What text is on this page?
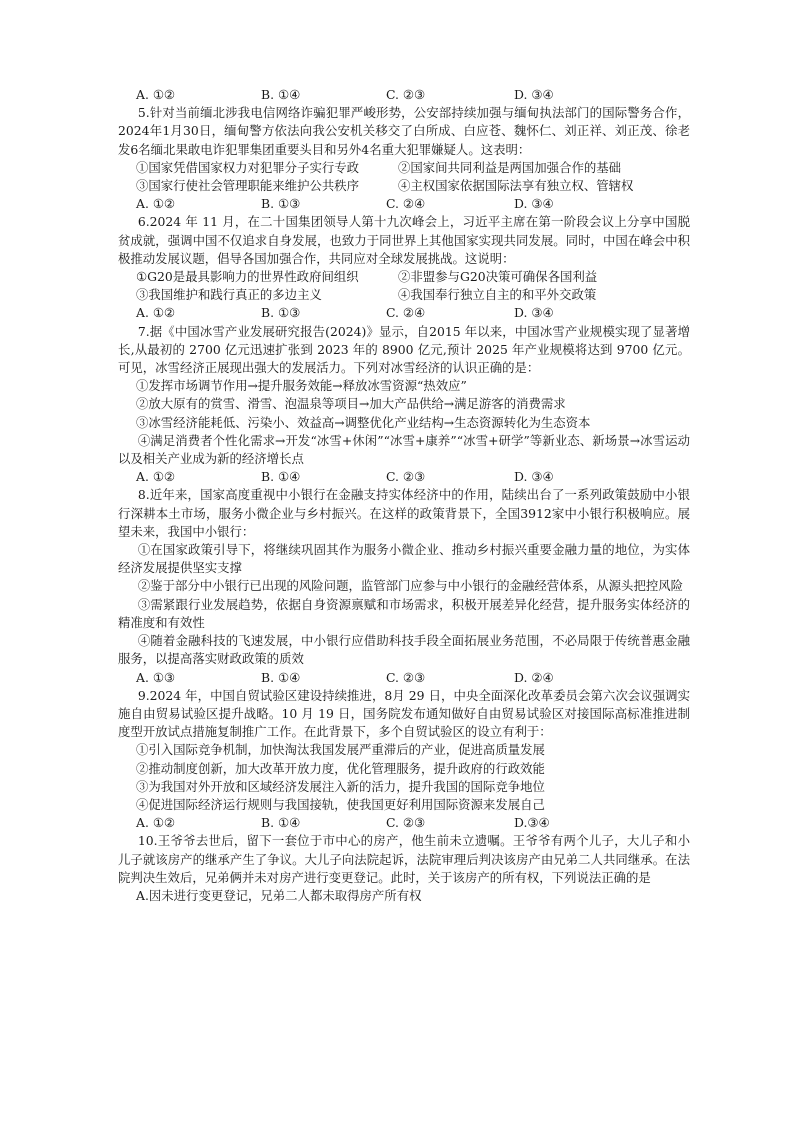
A. ①②	B. ①④	C. ②③	D. ③④

5.针对当前缅北涉我电信网络诈骗犯罪严峻形势，公安部持续加强与缅甸执法部门的国际警务合作，2024年1月30日，缅甸警方依法向我公安机关移交了白所成、白应苍、魏怀仁、刘正祥、刘正茂、徐老发6名缅北果敢电诈犯罪集团重要头目和另外4名重大犯罪嫌疑人。这表明：

①国家凭借国家权力对犯罪分子实行专政	②国家间共同利益是两国加强合作的基础
③国家行使社会管理职能来维护公共秩序	④主权国家依据国际法享有独立权、管辖权
A. ①②	B. ①③	C. ②④	D. ③④

6.2024 年 11 月，在二十国集团领导人第十九次峰会上，习近平主席在第一阶段会议上分享中国脱贫成就，强调中国不仅追求自身发展，也致力于同世界上其他国家实现共同发展。同时，中国在峰会中积极推动发展议题，倡导各国加强合作，共同应对全球发展挑战。这说明：

①G20是最具影响力的世界性政府间组织	②非盟参与G20决策可确保各国利益
③我国维护和践行真正的多边主义	④我国奉行独立自主的和平外交政策
A. ①②	B. ①③	C. ②④	D. ③④

7.据《中国冰雪产业发展研究报告(2024)》显示，自2015 年以来，中国冰雪产业规模实现了显著增长,从最初的 2700 亿元迅速扩张到 2023 年的 8900 亿元,预计 2025 年产业规模将达到 9700 亿元。可见，冰雪经济正展现出强大的发展活力。下列对冰雪经济的认识正确的是：

①发挥市场调节作用→提升服务效能→释放冰雪资源“热效应”

②放大原有的赏雪、滑雪、泡温泉等项目→加大产品供给→满足游客的消费需求

③冰雪经济能耗低、污染小、效益高→调整优化产业结构→生态资源转化为生态资本

④满足消费者个性化需求→开发“冰雪+休闲”“冰雪+康养”“冰雪+研学”等新业态、新场景→冰雪运动以及相关产业成为新的经济增长点

A. ①②	B. ①④	C. ②③	D. ③④

8.近年来，国家高度重视中小银行在金融支持实体经济中的作用，陆续出台了一系列政策鼓励中小银行深耕本土市场，服务小微企业与乡村振兴。在这样的政策背景下，全国3912家中小银行积极响应。展望未来，我国中小银行：

①在国家政策引导下，将继续巩固其作为服务小微企业、推动乡村振兴重要金融力量的地位，为实体经济发展提供坚实支撑

②鉴于部分中小银行已出现的风险问题，监管部门应参与中小银行的金融经营体系，从源头把控风险

③需紧跟行业发展趋势，依据自身资源禀赋和市场需求，积极开展差异化经营，提升服务实体经济的精准度和有效性

④随着金融科技的飞速发展，中小银行应借助科技手段全面拓展业务范围，不必局限于传统普惠金融服务，以提高落实财政政策的质效

A. ①③	B. ①④	C. ②③	D. ②④

9.2024 年，中国自贸试验区建设持续推进，8月 29 日，中央全面深化改革委员会第六次会议强调实施自由贸易试验区提升战略。10 月 19 日，国务院发布通知做好自由贸易试验区对接国际高标准推进制度型开放试点措施复制推广工作。在此背景下，多个自贸试验区的设立有利于：

①引入国际竞争机制，加快淘汰我国发展严重滞后的产业，促进高质量发展

②推动制度创新，加大改革开放力度，优化管理服务，提升政府的行政效能

③为我国对外开放和区域经济发展注入新的活力，提升我国的国际竞争地位

④促进国际经济运行规则与我国接轨，使我国更好利用国际资源来发展自己

A. ①②	B. ①④	C. ②③	D.③④

10.王爷爷去世后，留下一套位于市中心的房产，他生前未立遗嘱。王爷爷有两个儿子，大儿子和小儿子就该房产的继承产生了争议。大儿子向法院起诉，法院审理后判决该房产由兄弟二人共同继承。在法院判决生效后，兄弟俩并未对房产进行变更登记。此时，关于该房产的所有权，下列说法正确的是

A.因未进行变更登记，兄弟二人都未取得房产所有权
